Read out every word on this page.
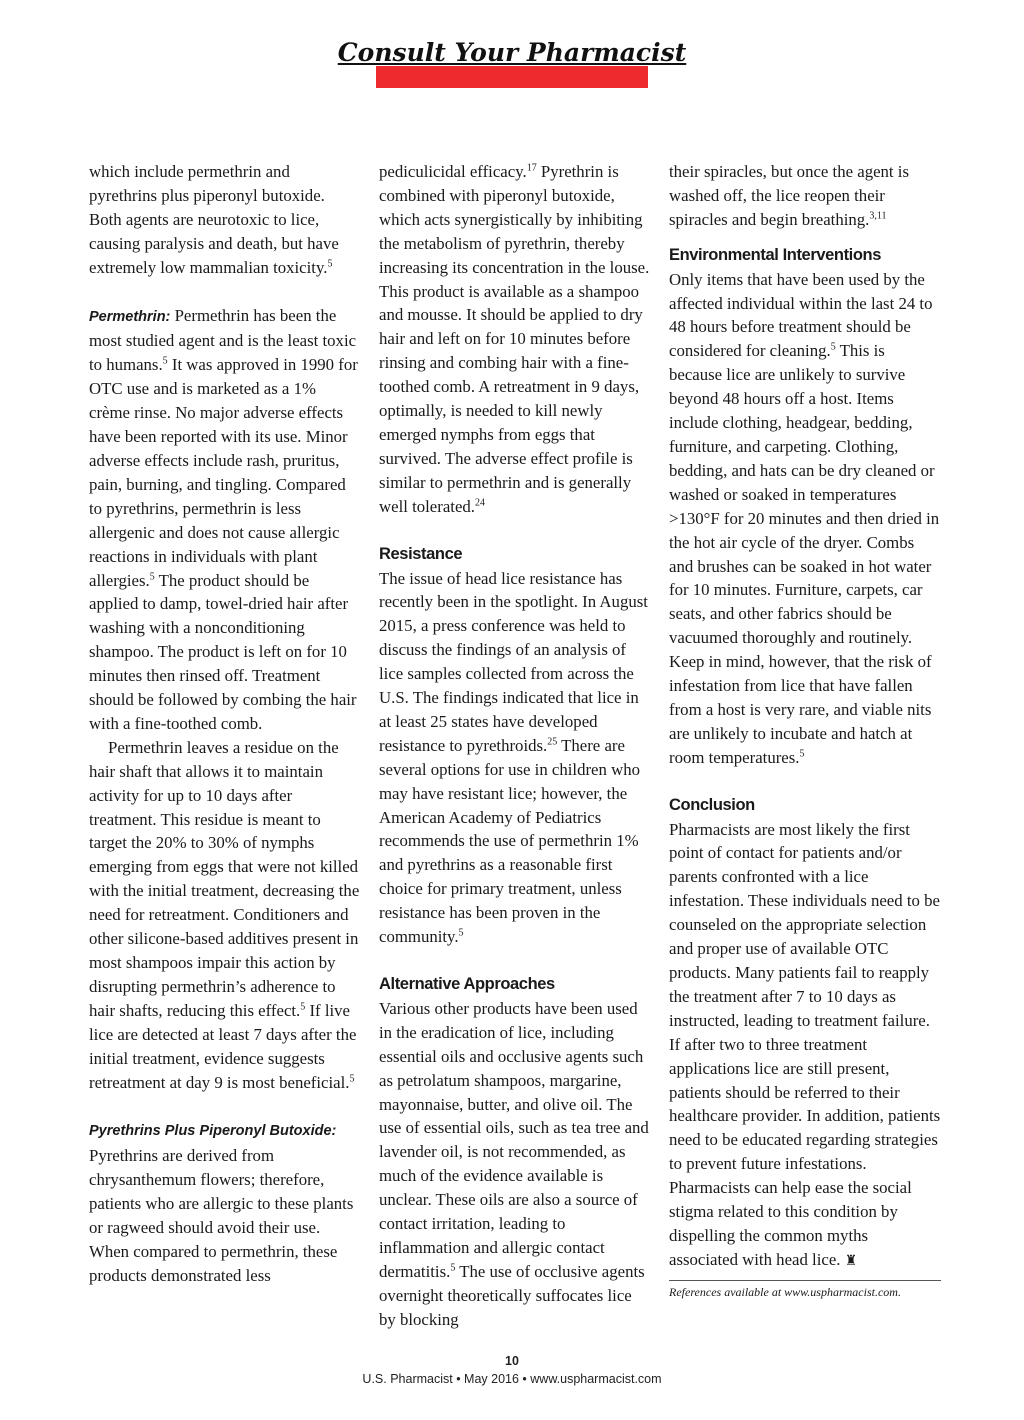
Consult Your Pharmacist

which include permethrin and pyrethrins plus piperonyl butoxide. Both agents are neurotoxic to lice, causing paralysis and death, but have extremely low mammalian toxicity.$^5$

Permethrin: Permethrin has been the most studied agent and is the least toxic to humans.$^5$ It was approved in 1990 for OTC use and is marketed as a 1% crème rinse. No major adverse effects have been reported with its use. Minor adverse effects include rash, pruritus, pain, burning, and tingling. Compared to pyrethrins, permethrin is less allergenic and does not cause allergic reactions in individuals with plant allergies.$^5$ The product should be applied to damp, towel-dried hair after washing with a nonconditioning shampoo. The product is left on for 10 minutes then rinsed off. Treatment should be followed by combing the hair with a fine-toothed comb.

Permethrin leaves a residue on the hair shaft that allows it to maintain activity for up to 10 days after treatment. This residue is meant to target the 20% to 30% of nymphs emerging from eggs that were not killed with the initial treatment, decreasing the need for retreatment. Conditioners and other silicone-based additives present in most shampoos impair this action by disrupting permethrin’s adherence to hair shafts, reducing this effect.$^5$ If live lice are detected at least 7 days after the initial treatment, evidence suggests retreatment at day 9 is most beneficial.$^5$

Pyrethrins Plus Piperonyl Butoxide:

Pyrethrins are derived from chrysanthemum flowers; therefore, patients who are allergic to these plants or ragweed should avoid their use. When compared to permethrin, these products demonstrated less

pediculicidal efficacy.$^{17}$ Pyrethrin is combined with piperonyl butoxide, which acts synergistically by inhibiting the metabolism of pyrethrin, thereby increasing its concentration in the louse. This product is available as a shampoo and mousse. It should be applied to dry hair and left on for 10 minutes before rinsing and combing hair with a fine-toothed comb. A retreatment in 9 days, optimally, is needed to kill newly emerged nymphs from eggs that survived. The adverse effect profile is similar to permethrin and is generally well tolerated.$^{24}$

Resistance

The issue of head lice resistance has recently been in the spotlight. In August 2015, a press conference was held to discuss the findings of an analysis of lice samples collected from across the U.S. The findings indicated that lice in at least 25 states have developed resistance to pyrethroids.$^{25}$ There are several options for use in children who may have resistant lice; however, the American Academy of Pediatrics recommends the use of permethrin 1% and pyrethrins as a reasonable first choice for primary treatment, unless resistance has been proven in the community.$^5$

Alternative Approaches

Various other products have been used in the eradication of lice, including essential oils and occlusive agents such as petrolatum shampoos, margarine, mayonnaise, butter, and olive oil. The use of essential oils, such as tea tree and lavender oil, is not recommended, as much of the evidence available is unclear. These oils are also a source of contact irritation, leading to inflammation and allergic contact dermatitis.$^5$ The use of occlusive agents overnight theoretically suffocates lice by blocking

their spiracles, but once the agent is washed off, the lice reopen their spiracles and begin breathing.$^{3,11}$

Environmental Interventions

Only items that have been used by the affected individual within the last 24 to 48 hours before treatment should be considered for cleaning.$^5$ This is because lice are unlikely to survive beyond 48 hours off a host. Items include clothing, headgear, bedding, furniture, and carpeting. Clothing, bedding, and hats can be dry cleaned or washed or soaked in temperatures >130°F for 20 minutes and then dried in the hot air cycle of the dryer. Combs and brushes can be soaked in hot water for 10 minutes. Furniture, carpets, car seats, and other fabrics should be vacuumed thoroughly and routinely. Keep in mind, however, that the risk of infestation from lice that have fallen from a host is very rare, and viable nits are unlikely to incubate and hatch at room temperatures.$^5$

Conclusion

Pharmacists are most likely the first point of contact for patients and/or parents confronted with a lice infestation. These individuals need to be counseled on the appropriate selection and proper use of available OTC products. Many patients fail to reapply the treatment after 7 to 10 days as instructed, leading to treatment failure. If after two to three treatment applications lice are still present, patients should be referred to their healthcare provider. In addition, patients need to be educated regarding strategies to prevent future infestations. Pharmacists can help ease the social stigma related to this condition by dispelling the common myths associated with head lice. ♜

References available at www.uspharmacist.com.

10
U.S. Pharmacist • May 2016 • www.uspharmacist.com
